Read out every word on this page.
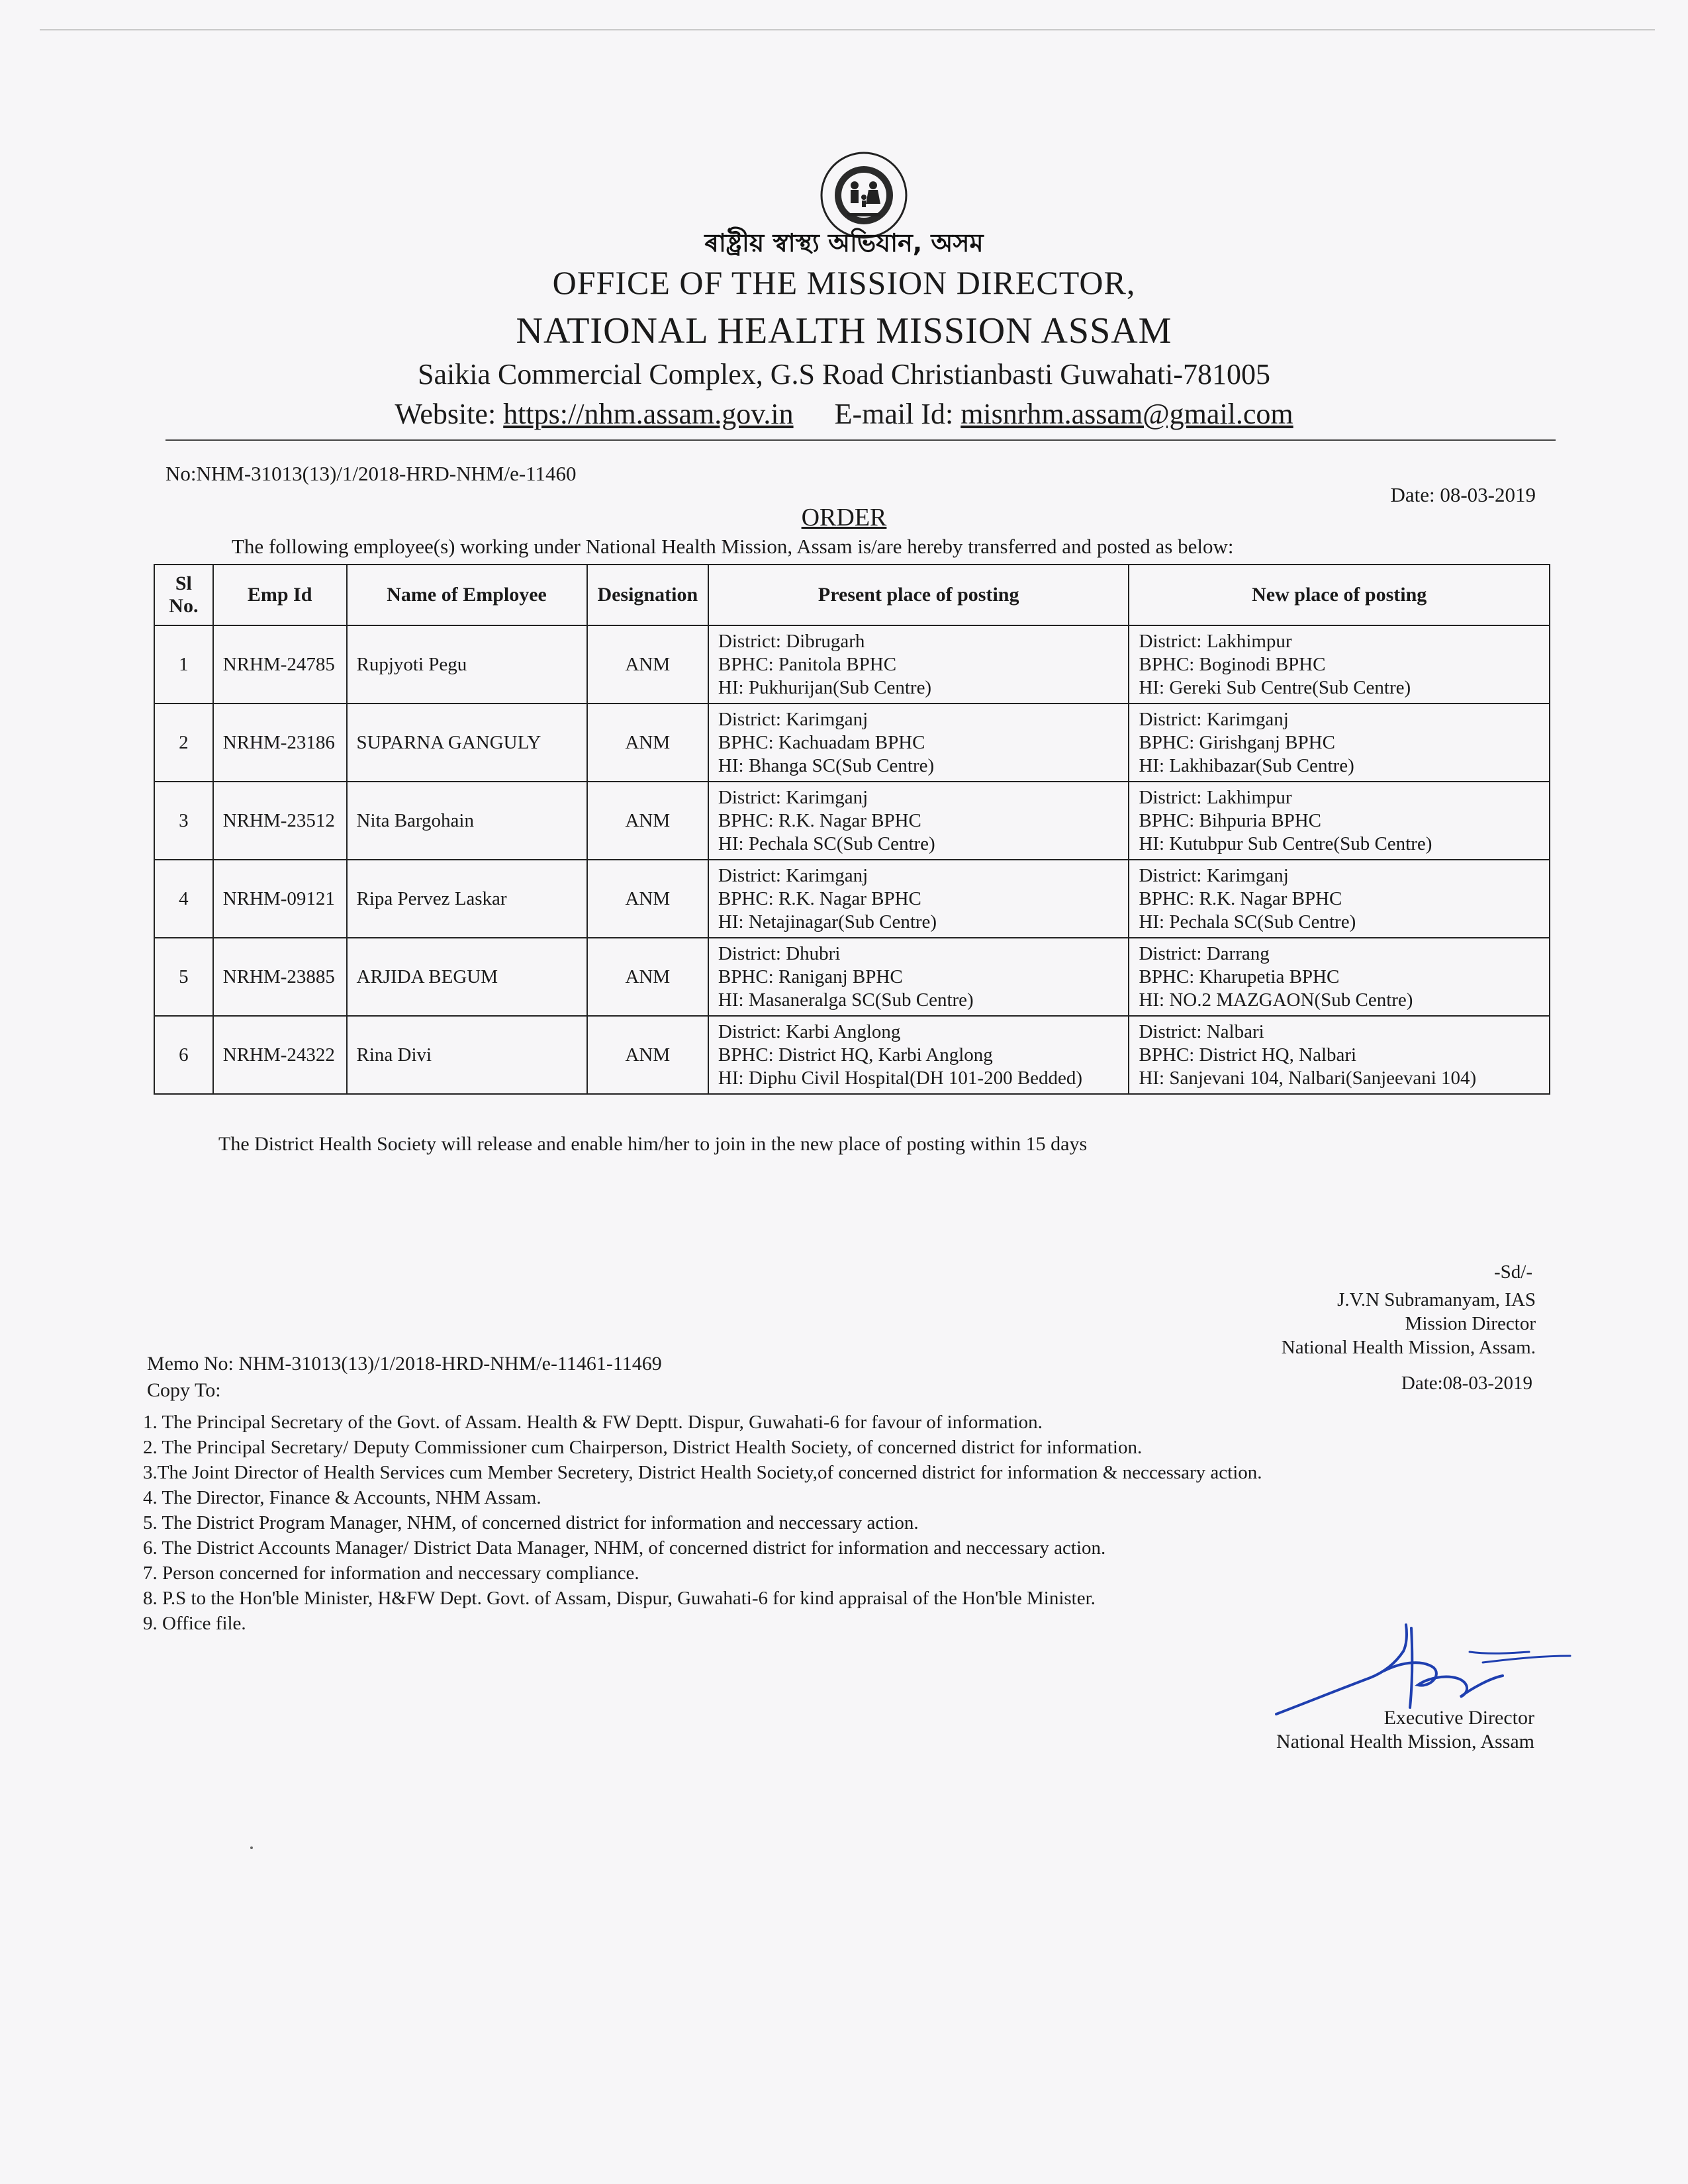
ৰাষ্ট্ৰীয় স্বাস্থ্য অভিযান, অসম
OFFICE OF THE MISSION DIRECTOR,
NATIONAL HEALTH MISSION ASSAM
Saikia Commercial Complex, G.S Road Christianbasti Guwahati-781005
Website: https://nhm.assam.gov.in E-mail Id: misnrhm.assam@gmail.com
No:NHM-31013(13)/1/2018-HRD-NHM/e-11460
Date: 08-03-2019
ORDER
The following employee(s) working under National Health Mission, Assam is/are hereby transferred and posted as below:
Sl No.	Emp Id	Name of Employee	Designation	Present place of posting	New place of posting
1	NRHM-24785	Rupjyoti Pegu	ANM	District: Dibrugarh
BPHC: Panitola BPHC
HI: Pukhurijan(Sub Centre)	District: Lakhimpur
BPHC: Boginodi BPHC
HI: Gereki Sub Centre(Sub Centre)

2	NRHM-23186	SUPARNA GANGULY	ANM	District: Karimganj
BPHC: Kachuadam BPHC
HI: Bhanga SC(Sub Centre)	District: Karimganj
BPHC: Girishganj BPHC
HI: Lakhibazar(Sub Centre)

3	NRHM-23512	Nita Bargohain	ANM	District: Karimganj
BPHC: R.K. Nagar BPHC
HI: Pechala SC(Sub Centre)	District: Lakhimpur
BPHC: Bihpuria BPHC
HI: Kutubpur Sub Centre(Sub Centre)

4	NRHM-09121	Ripa Pervez Laskar	ANM	District: Karimganj
BPHC: R.K. Nagar BPHC
HI: Netajinagar(Sub Centre)	District: Karimganj
BPHC: R.K. Nagar BPHC
HI: Pechala SC(Sub Centre)

5	NRHM-23885	ARJIDA BEGUM	ANM	District: Dhubri
BPHC: Raniganj BPHC
HI: Masaneralga SC(Sub Centre)	District: Darrang
BPHC: Kharupetia BPHC
HI: NO.2 MAZGAON(Sub Centre)

6	NRHM-24322	Rina Divi	ANM	District: Karbi Anglong
BPHC: District HQ, Karbi Anglong
HI: Diphu Civil Hospital(DH 101-200 Bedded)	District: Nalbari
BPHC: District HQ, Nalbari
HI: Sanjevani 104, Nalbari(Sanjeevani 104)
The District Health Society will release and enable him/her to join in the new place of posting within 15 days
-Sd/-
J.V.N Subramanyam, IAS
Mission Director
National Health Mission, Assam.
Memo No: NHM-31013(13)/1/2018-HRD-NHM/e-11461-11469
Date:08-03-2019
Copy To:
1. The Principal Secretary of the Govt. of Assam. Health & FW Deptt. Dispur, Guwahati-6 for favour of information.
2. The Principal Secretary/ Deputy Commissioner cum Chairperson, District Health Society, of concerned district for information.
3.The Joint Director of Health Services cum Member Secretery, District Health Society,of concerned district for information & neccessary action.
4. The Director, Finance & Accounts, NHM Assam.
5. The District Program Manager, NHM, of concerned district for information and neccessary action.
6. The District Accounts Manager/ District Data Manager, NHM, of concerned district for information and neccessary action.
7. Person concerned for information and neccessary compliance.
8. P.S to the Hon'ble Minister, H&FW Dept. Govt. of Assam, Dispur, Guwahati-6 for kind appraisal of the Hon'ble Minister.
9. Office file.
Executive Director
National Health Mission, Assam
